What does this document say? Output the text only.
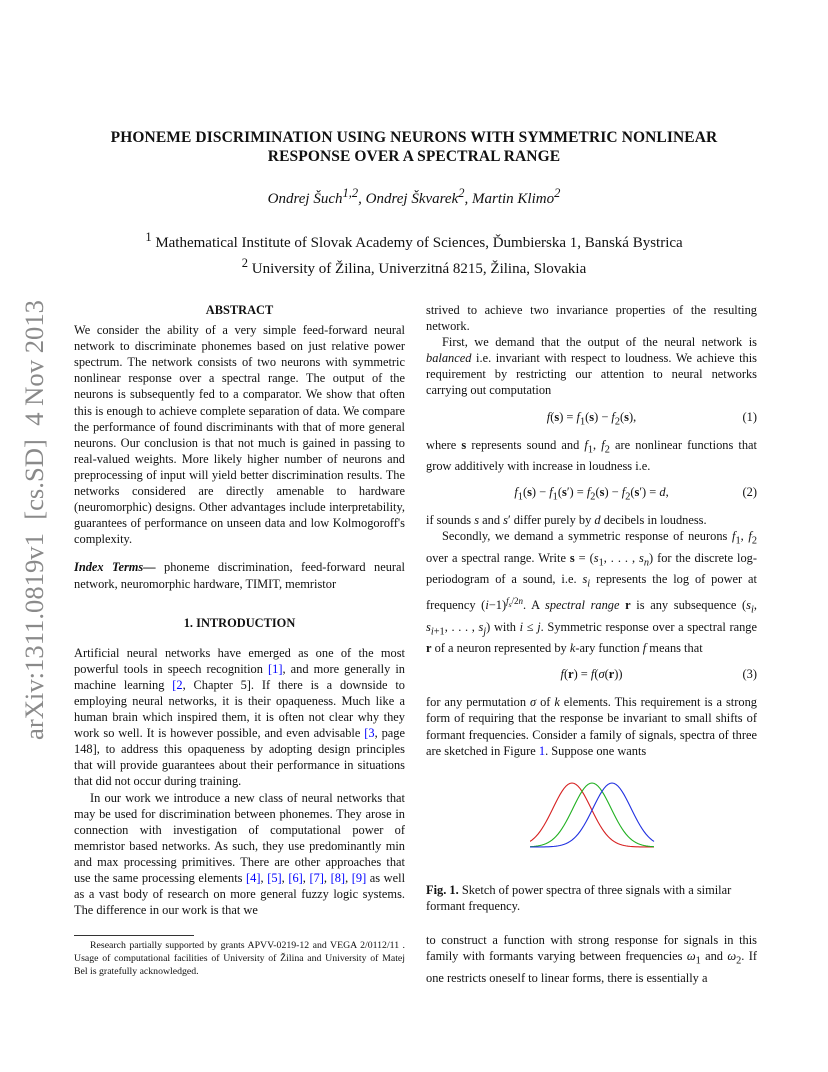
PHONEME DISCRIMINATION USING NEURONS WITH SYMMETRIC NONLINEAR
RESPONSE OVER A SPECTRAL RANGE
Ondrej Šuch$^{1,2}$, Ondrej Škvarek$^2$, Martin Klimo$^2$
$^1$ Mathematical Institute of Slovak Academy of Sciences, Ďumbierska 1, Banská Bystrica
$^2$ University of Žilina, Univerzitná 8215, Žilina, Slovakia
arXiv:1311.0819v1  [cs.SD]  4 Nov 2013

ABSTRACT

We consider the ability of a very simple feed-forward neural network to discriminate phonemes based on just relative power spectrum. The network consists of two neurons with symmetric nonlinear response over a spectral range. The output of the neurons is subsequently fed to a comparator. We show that often this is enough to achieve complete separation of data. We compare the performance of found discriminants with that of more general neurons. Our conclusion is that not much is gained in passing to real-valued weights. More likely higher number of neurons and preprocessing of input will yield better discrimination results. The networks considered are directly amenable to hardware (neuromorphic) designs. Other advantages include interpretability, guarantees of performance on unseen data and low Kolmogoroff's complexity.

Index Terms— phoneme discrimination, feed-forward neural network, neuromorphic hardware, TIMIT, memristor

1. INTRODUCTION

Artificial neural networks have emerged as one of the most powerful tools in speech recognition [1], and more generally in machine learning [2, Chapter 5]. If there is a downside to employing neural networks, it is their opaqueness. Much like a human brain which inspired them, it is often not clear why they work so well. It is however possible, and even advisable [3, page 148], to address this opaqueness by adopting design principles that will provide guarantees about their performance in situations that did not occur during training.

In our work we introduce a new class of neural networks that may be used for discrimination between phonemes. They arose in connection with investigation of computational power of memristor based networks. As such, they use predominantly min and max processing primitives. There are other approaches that use the same processing elements [4], [5], [6], [7], [8], [9] as well as a vast body of research on more general fuzzy logic systems. The difference in our work is that we

Research partially supported by grants APVV-0219-12 and VEGA 2/0112/11 . Usage of computational facilities of University of Žilina and University of Matej Bel is gratefully acknowledged.

strived to achieve two invariance properties of the resulting network.

First, we demand that the output of the neural network is balanced i.e. invariant with respect to loudness. We achieve this requirement by restricting our attention to neural networks carrying out computation

$f(s) = f_1(s) - f_2(s)$,	(1)

where s represents sound and $f_1$, $f_2$ are nonlinear functions that grow additively with increase in loudness i.e.

$f_1(s) - f_1(s') = f_2(s) - f_2(s') = d$,	(2)

if sounds s and s′ differ purely by d decibels in loudness.

Secondly, we demand a symmetric response of neurons $f_1$, $f_2$ over a spectral range. Write $s = (s_1$, . . . , $s_n$) for the discrete log-periodogram of a sound, i.e. $s_i$ represents the log of power at frequency $(i-1)^{f_s/2n}$. A spectral range r is any subsequence ($s_i$, $s_{i+1}$, . . . , $s_j$) with i ≤ j. Symmetric response over a spectral range r of a neuron represented by k-ary function f means that

f(r) = f(σ(r))	(3)

for any permutation σ of k elements. This requirement is a strong form of requiring that the response be invariant to small shifts of formant frequencies. Consider a family of signals, spectra of three are sketched in Figure 1. Suppose one wants

Fig. 1. Sketch of power spectra of three signals with a similar formant frequency.

to construct a function with strong response for signals in this family with formants varying between frequencies $\omega_1$ and $\omega_2$. If one restricts oneself to linear forms, there is essentially a
